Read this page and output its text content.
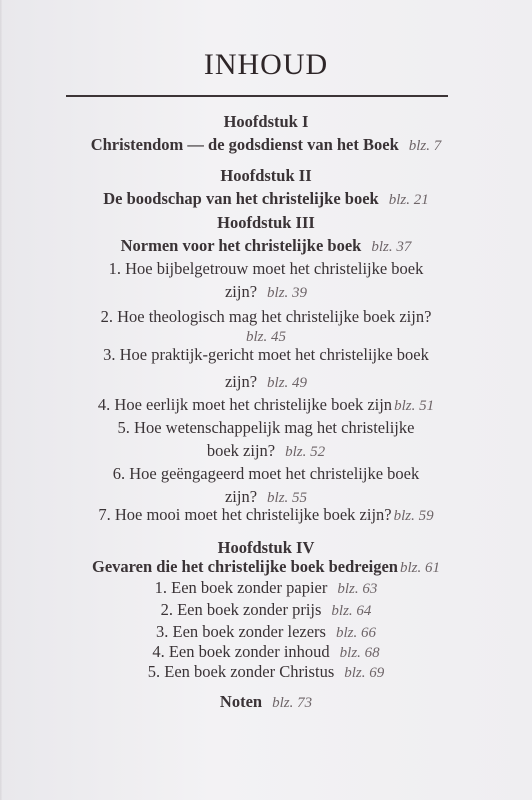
INHOUD
Hoofdstuk I
Christendom — de godsdienst van het Boek blz. 7
Hoofdstuk II
De boodschap van het christelijke boek blz. 21
Hoofdstuk III
Normen voor het christelijke boek blz. 37
1. Hoe bijbelgetrouw moet het christelijke boek
zijn? blz. 39
2. Hoe theologisch mag het christelijke boek zijn?
blz. 45
3. Hoe praktijk-gericht moet het christelijke boek
zijn? blz. 49
4. Hoe eerlijk moet het christelijke boek zijn blz. 51
5. Hoe wetenschappelijk mag het christelijke
boek zijn? blz. 52
6. Hoe geëngageerd moet het christelijke boek
zijn? blz. 55
7. Hoe mooi moet het christelijke boek zijn? blz. 59
Hoofdstuk IV
Gevaren die het christelijke boek bedreigen blz. 61
1. Een boek zonder papier blz. 63
2. Een boek zonder prijs blz. 64
3. Een boek zonder lezers blz. 66
4. Een boek zonder inhoud blz. 68
5. Een boek zonder Christus blz. 69
Noten blz. 73
